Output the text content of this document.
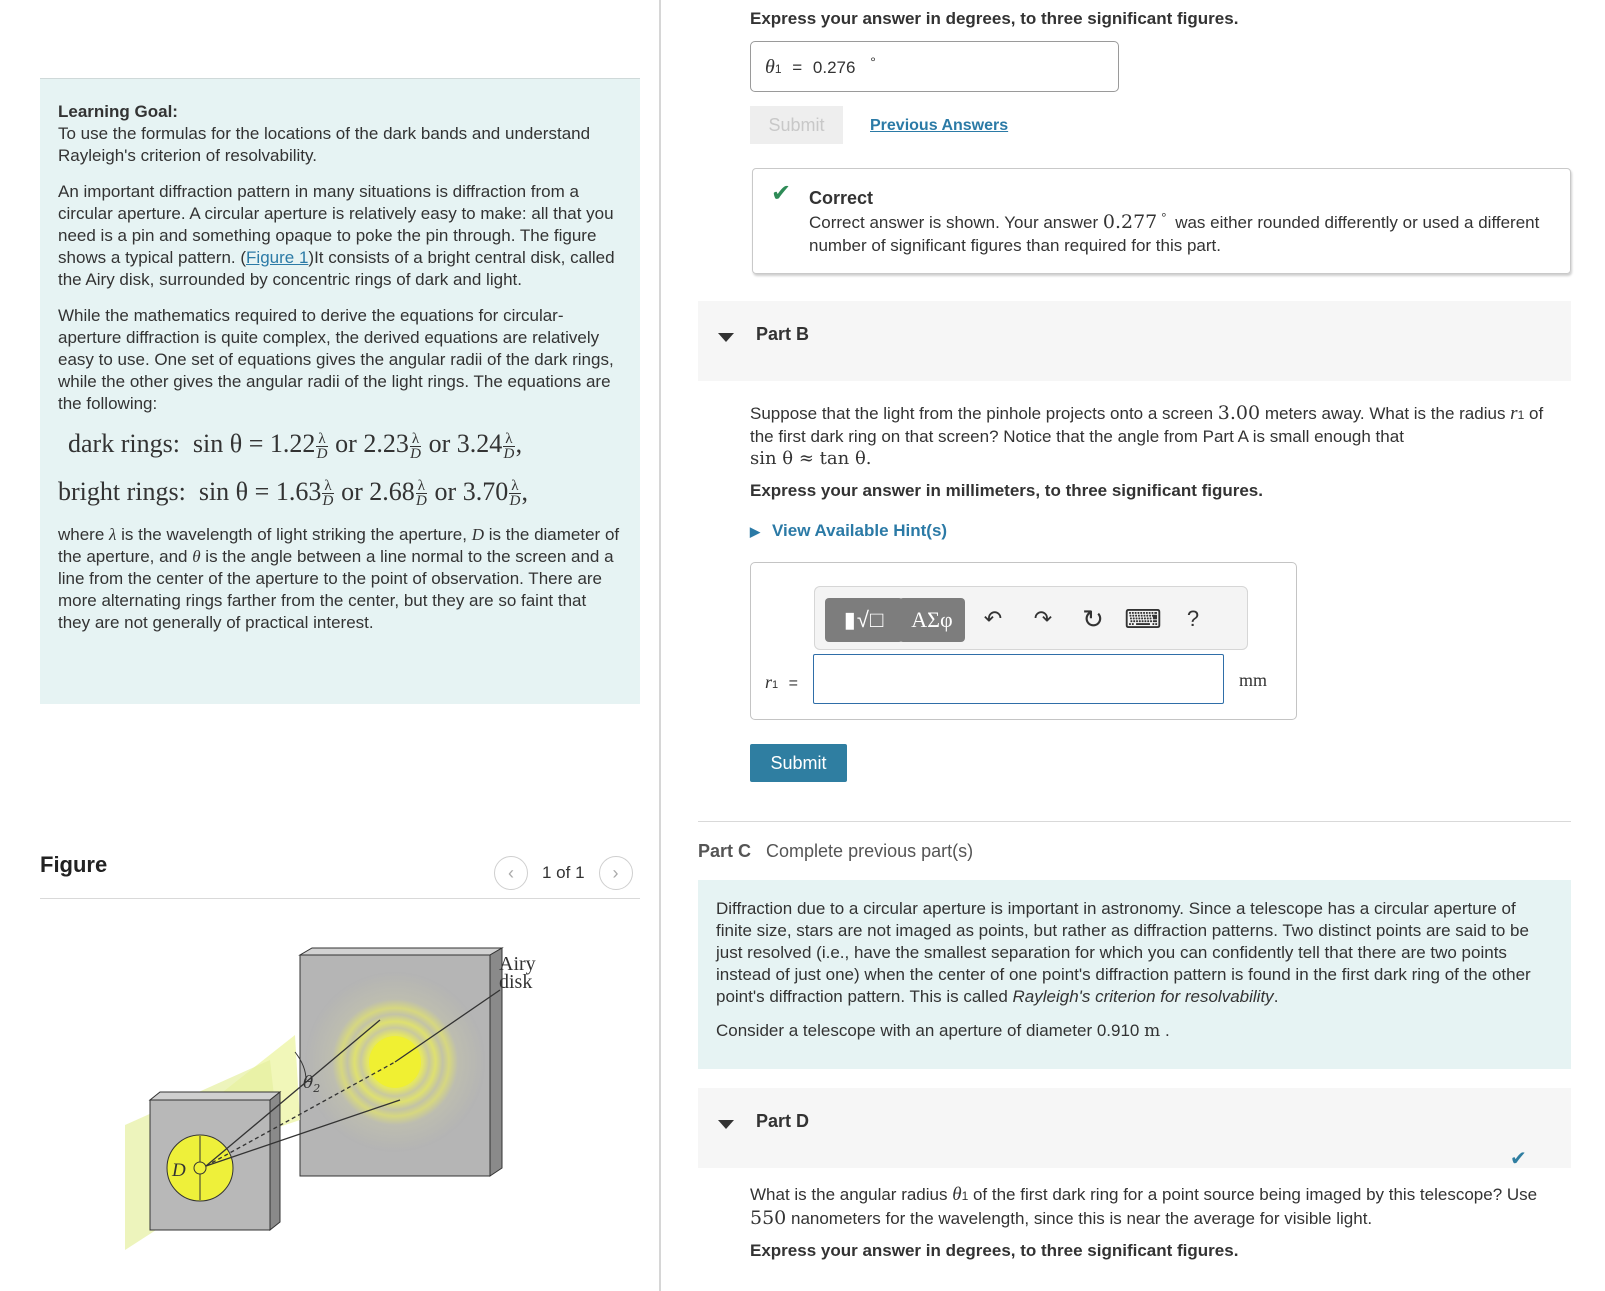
Learning Goal:
To use the formulas for the locations of the dark bands and understand Rayleigh's criterion of resolvability.

An important diffraction pattern in many situations is diffraction from a circular aperture. A circular aperture is relatively easy to make: all that you need is a pin and something opaque to poke the pin through. The figure shows a typical pattern. (Figure 1)It consists of a bright central disk, called the Airy disk, surrounded by concentric rings of dark and light.

While the mathematics required to derive the equations for circular-aperture diffraction is quite complex, the derived equations are relatively easy to use. One set of equations gives the angular radii of the dark rings, while the other gives the angular radii of the light rings. The equations are the following:

dark rings: $\sin \theta = 1.22 \frac{\lambda}{D}$ or $2.23 \frac{\lambda}{D}$ or $3.24 \frac{\lambda}{D}$ ,
bright rings: $\sin \theta = 1.63 \frac{\lambda}{D}$ or $2.68 \frac{\lambda}{D}$ or $3.70 \frac{\lambda}{D}$ ,

where λ is the wavelength of light striking the aperture, D is the diameter of the aperture, and θ is the angle between a line normal to the screen and a line from the center of the aperture to the point of observation. There are more alternating rings farther from the center, but they are so faint that they are not generally of practical interest.

Figure	‹ 1 of 1 ›
$\theta_2$
Airy
disk
D
Express your answer in degrees, to three significant figures.
θ1 = 0.276 °
Submit	Previous Answers
✔ Correct
Correct answer is shown. Your answer 0.277 ° was either rounded differently or used a different number of significant figures than required for this part.
Part B
Suppose that the light from the pinhole projects onto a screen 3.00 meters away. What is the radius r1 of the first dark ring on that screen? Notice that the angle from Part A is small enough that
sin θ ≈ tan θ.
Express your answer in millimeters, to three significant figures.
▶ View Available Hint(s)
▮√□	ΑΣφ	↶	↷	↻ ⌨	?
r1 =	mm
Submit
Part C Complete previous part(s)

Diffraction due to a circular aperture is important in astronomy. Since a telescope has a circular aperture of finite size, stars are not imaged as points, but rather as diffraction patterns. Two distinct points are said to be just resolved (i.e., have the smallest separation for which you can confidently tell that there are two points instead of just one) when the center of one point's diffraction pattern is found in the first dark ring of the other point's diffraction pattern. This is called Rayleigh's criterion for resolvability.

Consider a telescope with an aperture of diameter 0.910 m .

Part D
✔
What is the angular radius θ1 of the first dark ring for a point source being imaged by this telescope? Use 550 nanometers for the wavelength, since this is near the average for visible light.
Express your answer in degrees, to three significant figures.
